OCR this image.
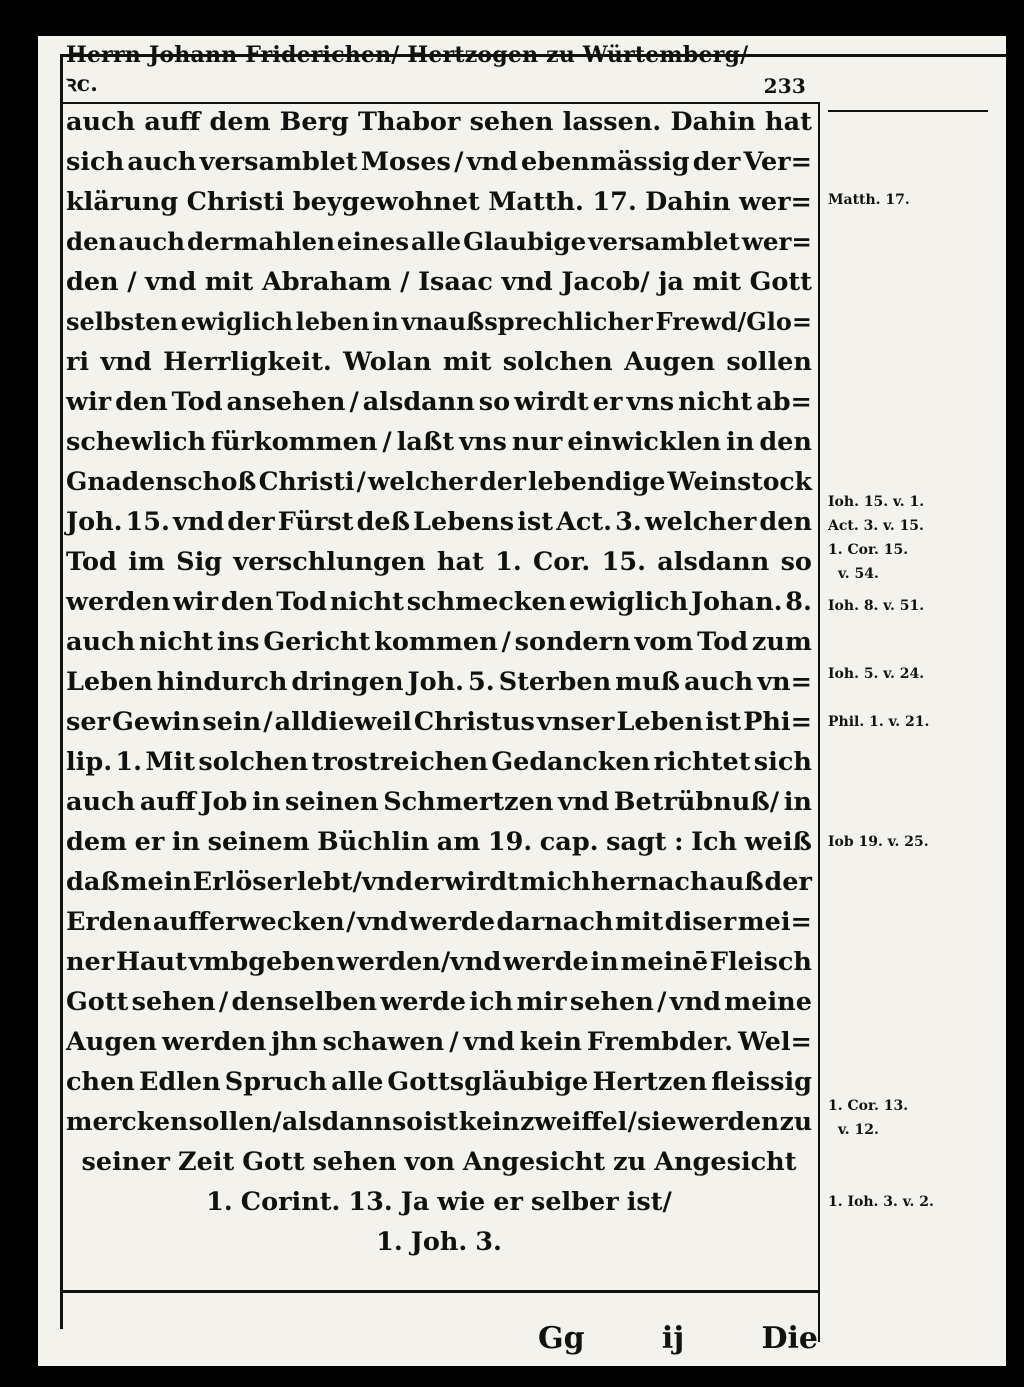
Herrn Johann Friderichen/ Hertzogen zu Würtemberg/ꝛc.	233
auch auff dem Berg Thabor sehen lassen. Dahin hat
sich auch versamblet Moses / vnd ebenmässig der Ver=
klärung Christi beygewohnet Matth. 17. Dahin wer=
den auch dermahlen eines alle Glaubige versamblet wer=
den / vnd mit Abraham / Isaac vnd Jacob/ ja mit Gott
selbsten ewiglich leben in vnaußsprechlicher Frewd/Glo=
ri vnd Herrligkeit. Wolan mit solchen Augen sollen
wir den Tod ansehen / alsdann so wirdt er vns nicht ab=
schewlich fürkommen / laßt vns nur einwicklen in den
Gnadenschoß Christi / welcher der lebendige Weinstock
Joh. 15. vnd der Fürst deß Lebens ist Act. 3. welcher den
Tod im Sig verschlungen hat 1. Cor. 15. alsdann so
werden wir den Tod nicht schmecken ewiglich Johan. 8.
auch nicht ins Gericht kommen / sondern vom Tod zum
Leben hindurch dringen Joh. 5. Sterben muß auch vn=
ser Gewin sein / alldieweil Christus vnser Leben ist Phi=
lip. 1. Mit solchen trostreichen Gedancken richtet sich
auch auff Job in seinen Schmertzen vnd Betrübnuß/ in
dem er in seinem Büchlin am 19. cap. sagt : Ich weiß
daß mein Erlöser lebt/vnd er wirdt mich hernach auß der
Erden aufferwecken / vnd werde darnach mit diser mei=
ner Haut vmbgeben werden/vnd werde in meinē Fleisch
Gott sehen / denselben werde ich mir sehen / vnd meine
Augen werden jhn schawen / vnd kein Frembder. Wel=
chen Edlen Spruch alle Gottsgläubige Hertzen fleissig
mercken sollen/ alsdann so ist kein zweiffel / sie werden zu
seiner Zeit Gott sehen von Angesicht zu Angesicht
1. Corint. 13. Ja wie er selber ist/
1. Joh. 3.
Matth. 17.
Ioh. 15. v. 1.
Act. 3. v. 15.
1. Cor. 15.
v. 54.
Ioh. 8. v. 51.
Ioh. 5. v. 24.
Phil. 1. v. 21.
Iob 19. v. 25.
1. Cor. 13.
v. 12.
1. Ioh. 3. v. 2.
Gg	ij	Die
